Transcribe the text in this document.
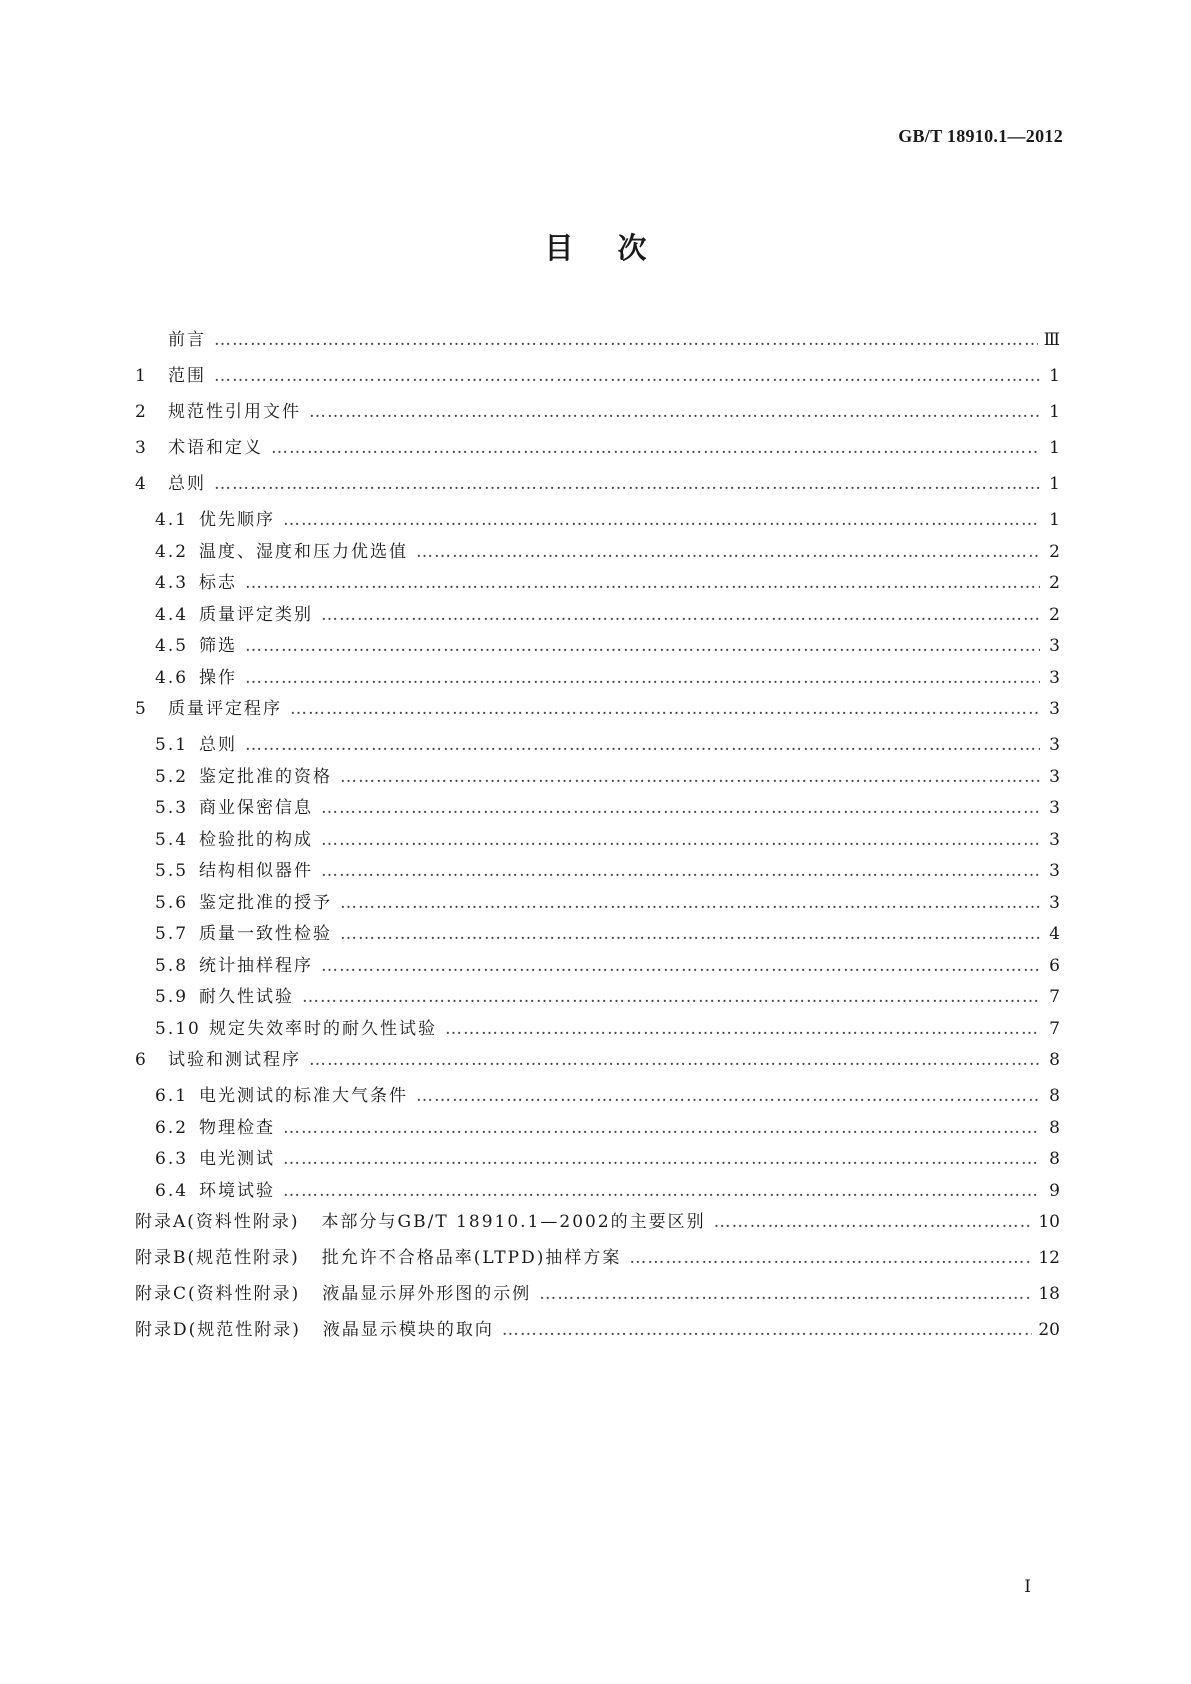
GB/T 18910.1—2012
目次
前言 …………………………………………………………………………………………………………………………………………………………………………………………	Ⅲ
1	范围 …………………………………………………………………………………………………………………………………………………………………………………………	1
2	规范性引用文件 …………………………………………………………………………………………………………………………………………………………………………………………	1
3	术语和定义 …………………………………………………………………………………………………………………………………………………………………………………………	1
4	总则 …………………………………………………………………………………………………………………………………………………………………………………………	1
4.1 优先顺序 …………………………………………………………………………………………………………………………………………………………………………………………	1
4.2 温度、湿度和压力优选值 …………………………………………………………………………………………………………………………………………………………………………………………	2
4.3 标志 …………………………………………………………………………………………………………………………………………………………………………………………	2
4.4 质量评定类别 …………………………………………………………………………………………………………………………………………………………………………………………	2
4.5 筛选 …………………………………………………………………………………………………………………………………………………………………………………………	3
4.6 操作 …………………………………………………………………………………………………………………………………………………………………………………………	3
5	质量评定程序 …………………………………………………………………………………………………………………………………………………………………………………………	3
5.1 总则 …………………………………………………………………………………………………………………………………………………………………………………………	3
5.2 鉴定批准的资格 …………………………………………………………………………………………………………………………………………………………………………………………	3
5.3 商业保密信息 …………………………………………………………………………………………………………………………………………………………………………………………	3
5.4 检验批的构成 …………………………………………………………………………………………………………………………………………………………………………………………	3
5.5 结构相似器件 …………………………………………………………………………………………………………………………………………………………………………………………	3
5.6 鉴定批准的授予 …………………………………………………………………………………………………………………………………………………………………………………………	3
5.7 质量一致性检验 …………………………………………………………………………………………………………………………………………………………………………………………	4
5.8 统计抽样程序 …………………………………………………………………………………………………………………………………………………………………………………………	6
5.9 耐久性试验 …………………………………………………………………………………………………………………………………………………………………………………………	7
5.10 规定失效率时的耐久性试验 …………………………………………………………………………………………………………………………………………………………………………………………	7
6	试验和测试程序 …………………………………………………………………………………………………………………………………………………………………………………………	8
6.1 电光测试的标准大气条件 …………………………………………………………………………………………………………………………………………………………………………………………	8
6.2 物理检查 …………………………………………………………………………………………………………………………………………………………………………………………	8
6.3 电光测试 …………………………………………………………………………………………………………………………………………………………………………………………	8
6.4 环境试验 …………………………………………………………………………………………………………………………………………………………………………………………	9
附录A(资料性附录)	本部分与GB/T 18910.1—2002的主要区别 …………………………………………………………………………………………………………………………………………………………………………………………	10
附录B(规范性附录)	批允许不合格品率(LTPD)抽样方案 …………………………………………………………………………………………………………………………………………………………………………………………	12
附录C(资料性附录)	液晶显示屏外形图的示例 …………………………………………………………………………………………………………………………………………………………………………………………	18
附录D(规范性附录)	液晶显示模块的取向 …………………………………………………………………………………………………………………………………………………………………………………………	20
Ⅰ
